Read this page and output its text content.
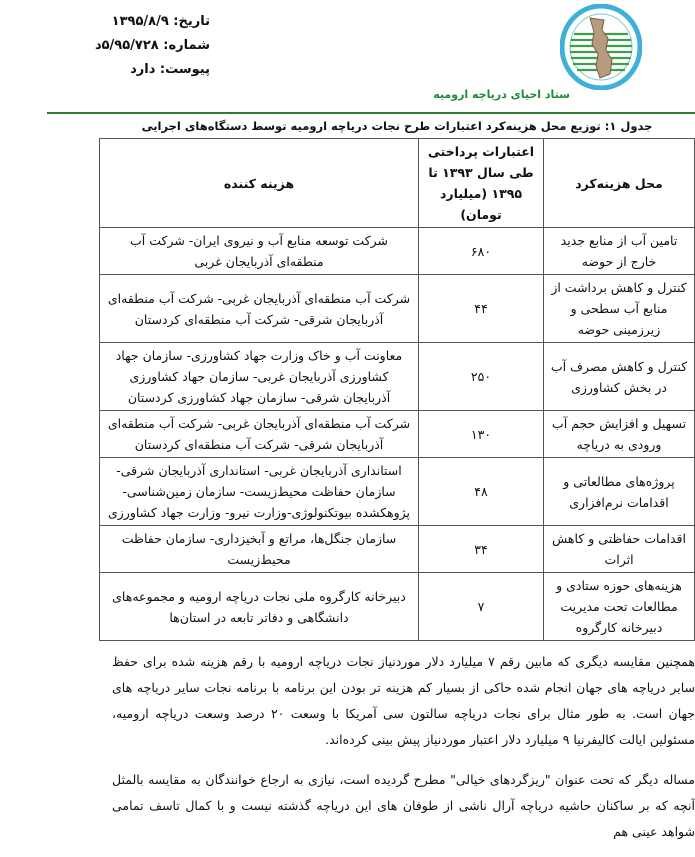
تاریخ: ۱۳۹۵/۸/۹
شماره: ۵/۹۵/۷۲۸د
پیوست: دارد
ستاد احیای دریاچه ارومیه
جدول ۱: توزیع محل هزینه‌کرد اعتبارات طرح نجات دریاچه ارومیه توسط دستگاه‌های اجرایی
محل هزینه‌کرد	اعتبارات پرداختی طی سال ۱۳۹۳ تا ۱۳۹۵ (میلیارد تومان)	هزینه کننده
تامین آب از منابع جدید خارج از حوضه	۶۸۰	شرکت توسعه منابع آب و نیروی ایران- شرکت آب منطقه‌ای آذربایجان غربی
کنترل و کاهش برداشت از منابع آب سطحی و زیرزمینی حوضه	۴۴	شرکت آب منطقه‌ای آذربایجان غربی- شرکت آب منطقه‌ای آذربایجان شرقی- شرکت آب منطقه‌ای کردستان
کنترل و کاهش مصرف آب در بخش کشاورزی	۲۵۰	معاونت آب و خاک وزارت جهاد کشاورزی- سازمان جهاد کشاورزی آذربایجان غربی- سازمان جهاد کشاورزی آذربایجان شرقی- سازمان جهاد کشاورزی کردستان
تسهیل و افزایش حجم آب ورودی به دریاچه	۱۳۰	شرکت آب منطقه‌ای آذربایجان غربی- شرکت آب منطقه‌ای آذربایجان شرقی- شرکت آب منطقه‌ای کردستان
پروژه‌های مطالعاتی و اقدامات نرم‌افزاری	۴۸	استانداری آذربایجان غربی- استانداری آذربایجان شرقی- سازمان حفاظت محیط‌زیست- سازمان زمین‌شناسی- پژوهکشده بیوتکنولوژی-وزارت نیرو- وزارت جهاد کشاورزی
اقدامات حفاظتی و کاهش اثرات	۳۴	سازمان جنگل‌ها، مراتع و آبخیزداری- سازمان حفاظت محیط‌زیست
هزینه‌های حوزه ستادی و مطالعات تحت مدیریت دبیرخانه کارگروه	۷	دبیرخانه کارگروه ملی نجات دریاچه ارومیه و مجموعه‌های دانشگاهی و دفاتر تابعه در استان‌ها

همچنین مقایسه دیگری که مابین رقم ۷ میلیارد دلار موردنیاز نجات دریاچه ارومیه با رقم هزینه شده برای حفظ سایر دریاچه های جهان انجام شده حاکی از بسیار کم هزینه تر بودن این برنامه با برنامه نجات سایر دریاچه های جهان است. به طور مثال برای نجات دریاچه سالتون سی آمریکا با وسعت ۲۰ درصد وسعت دریاچه ارومیه، مسئولین ایالت کالیفرنیا ۹ میلیارد دلار اعتبار موردنیاز پیش بینی کرده‌اند.

مساله دیگر که تحت عنوان "ریزگردهای خیالی" مطرح گردیده است، نیازی به ارجاع خوانندگان به مقایسه بالمثل آنچه که بر ساکنان حاشیه دریاچه آرال ناشی از طوفان های این دریاچه گذشته نیست و با کمال تاسف تمامی شواهد عینی هم
